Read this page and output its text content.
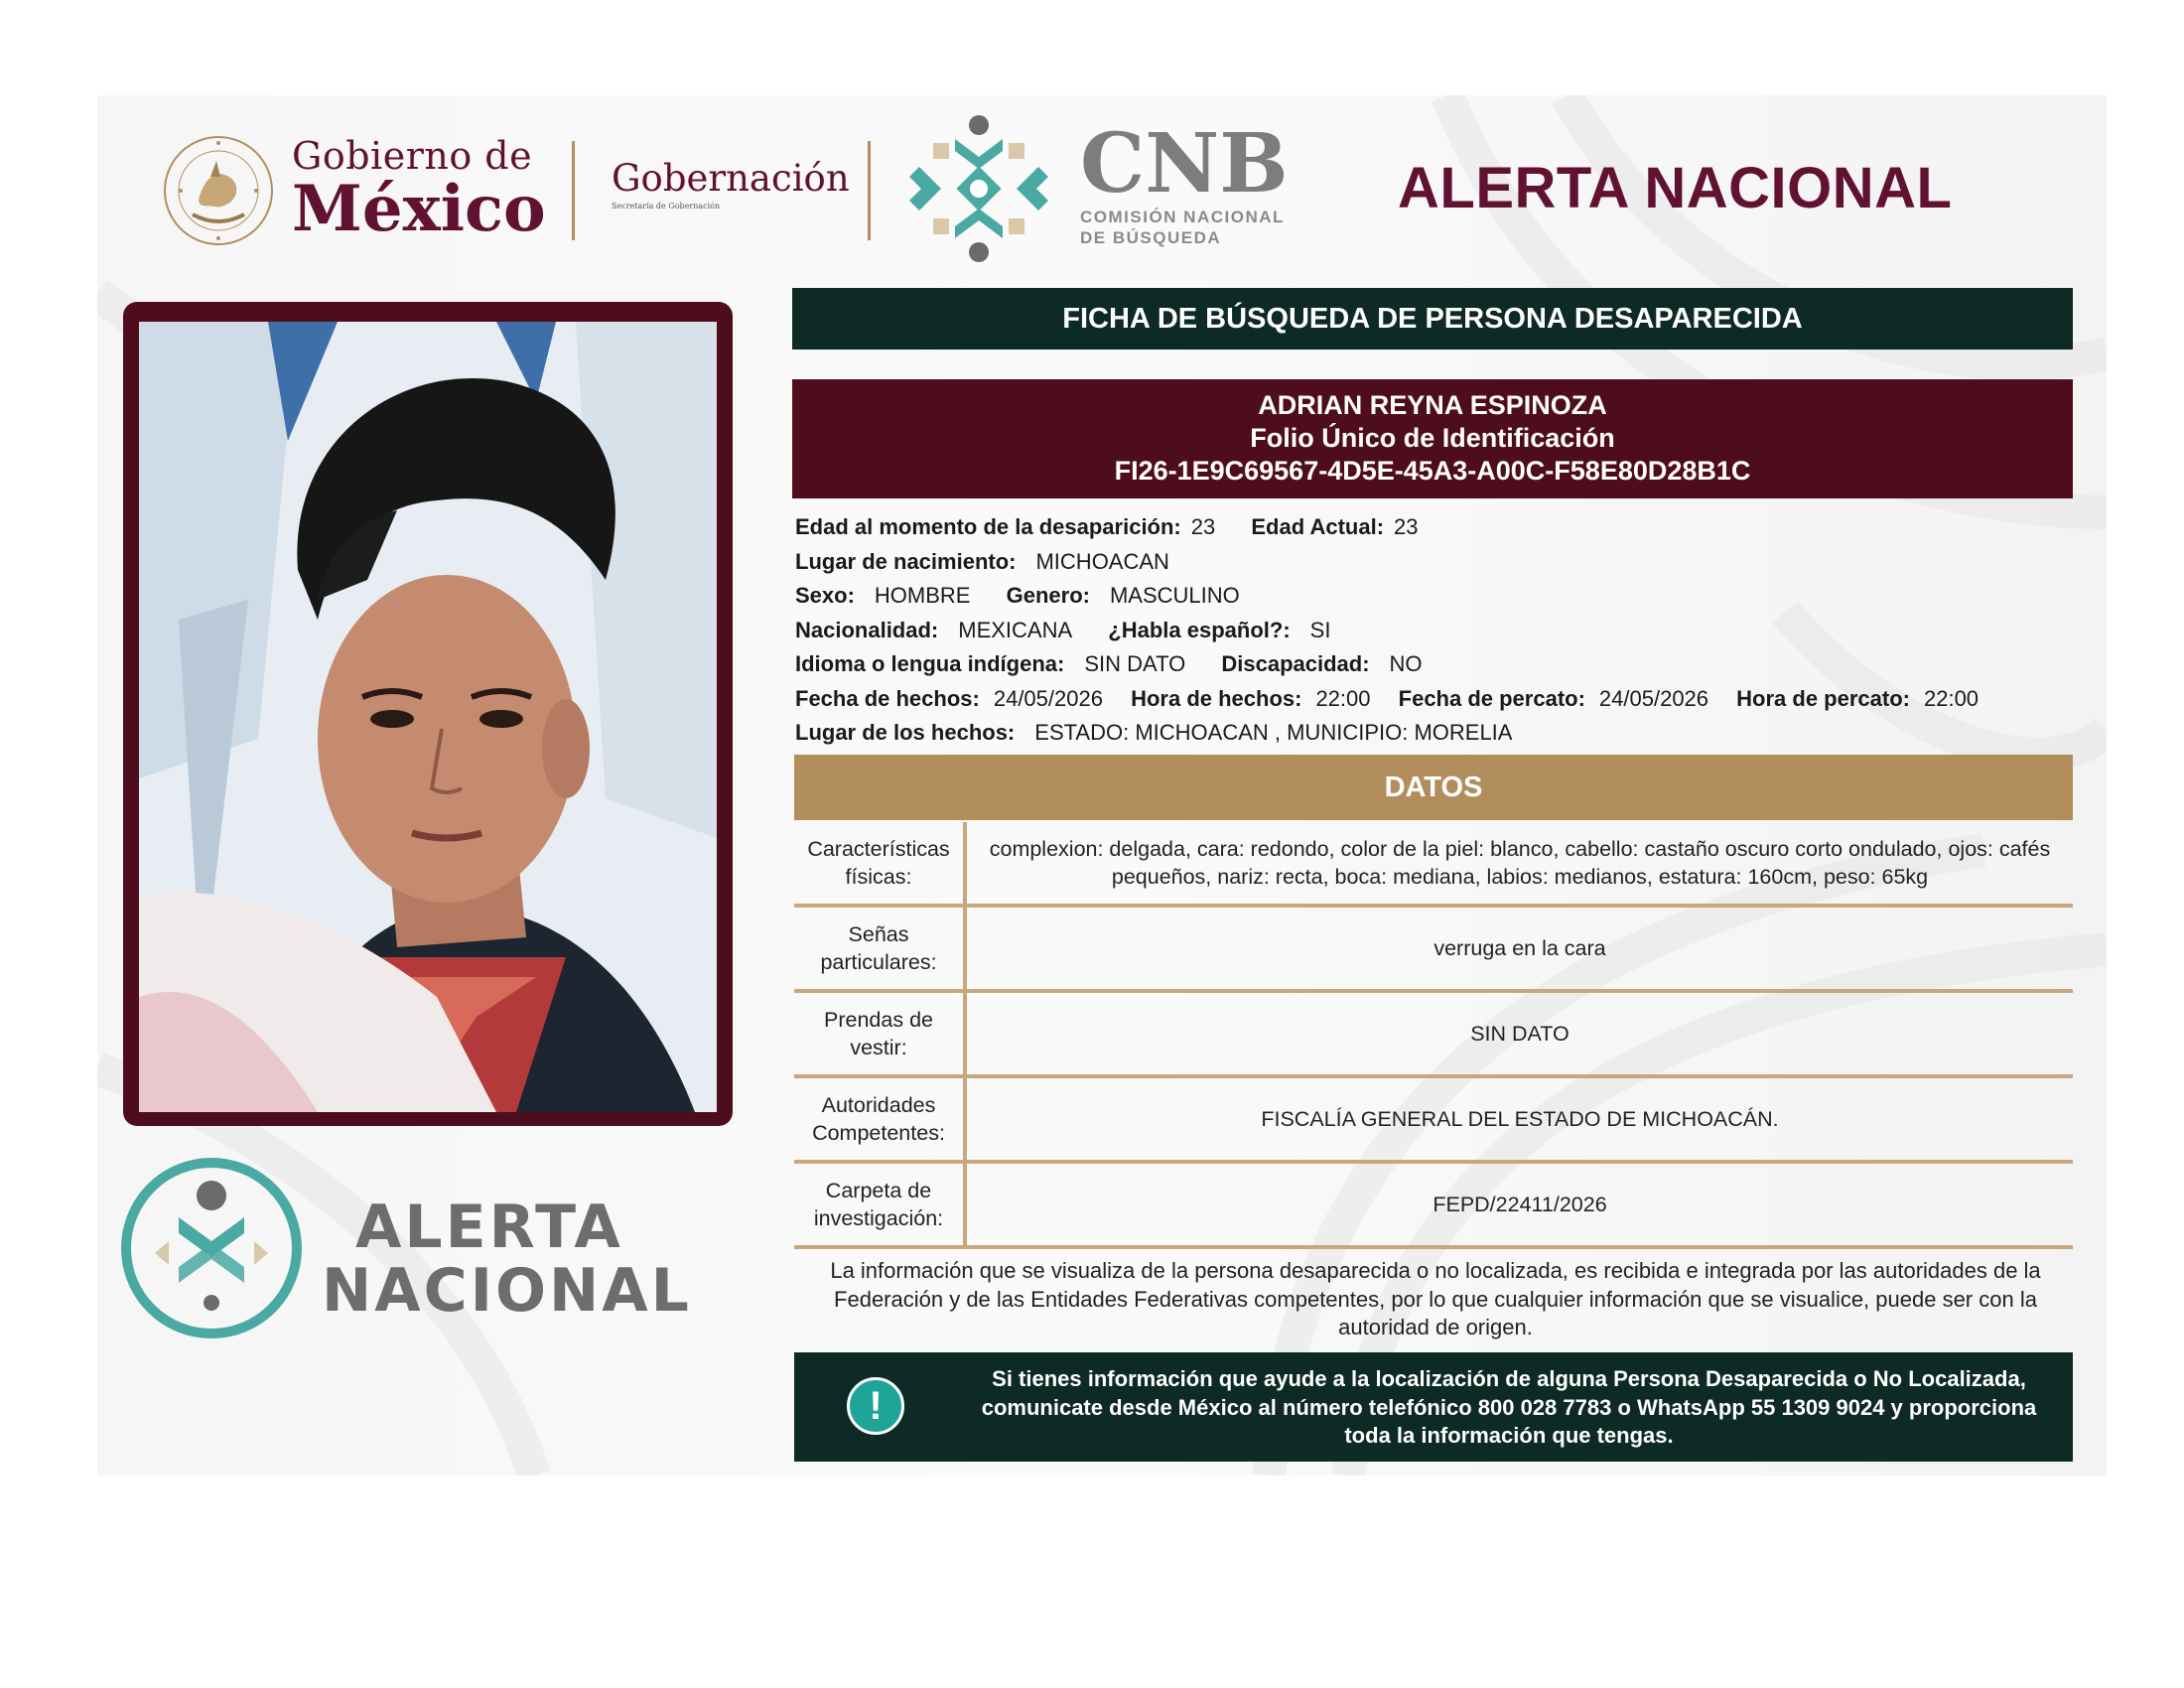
Gobierno de
México Gobernación
Secretaría de Gobernación	CNB
COMISIÓN NACIONAL
DE BÚSQUEDA
ALERTA NACIONAL
ALERTA
NACIONAL
FICHA DE BÚSQUEDA DE PERSONA DESAPARECIDA
ADRIAN REYNA ESPINOZA
Folio Único de Identificación
FI26-1E9C69567-4D5E-45A3-A00C-F58E80D28B1C
Edad al momento de la desaparición: 23 Edad Actual: 23
Lugar de nacimiento: MICHOACAN
Sexo: HOMBRE Genero: MASCULINO
Nacionalidad: MEXICANA ¿Habla español?: SI
Idioma o lengua indígena: SIN DATO Discapacidad: NO
Fecha de hechos: 24/05/2026 Hora de hechos: 22:00 Fecha de percato: 24/05/2026 Hora de percato: 22:00
Lugar de los hechos: ESTADO: MICHOACAN , MUNICIPIO: MORELIA
DATOS
Características físicas:	complexion: delgada, cara: redondo, color de la piel: blanco, cabello: castaño oscuro corto ondulado, ojos: cafés pequeños, nariz: recta, boca: mediana, labios: medianos, estatura: 160cm, peso: 65kg
Señas particulares:	verruga en la cara
Prendas de vestir:	SIN DATO
Autoridades Competentes:	FISCALÍA GENERAL DEL ESTADO DE MICHOACÁN.
Carpeta de investigación:	FEPD/22411/2026
La información que se visualiza de la persona desaparecida o no localizada, es recibida e integrada por las autoridades de la Federación y de las Entidades Federativas competentes, por lo que cualquier información que se visualice, puede ser con la autoridad de origen.
!
Si tienes información que ayude a la localización de alguna Persona Desaparecida o No Localizada, comunicate desde México al número telefónico 800 028 7783 o WhatsApp 55 1309 9024 y proporciona toda la información que tengas.
